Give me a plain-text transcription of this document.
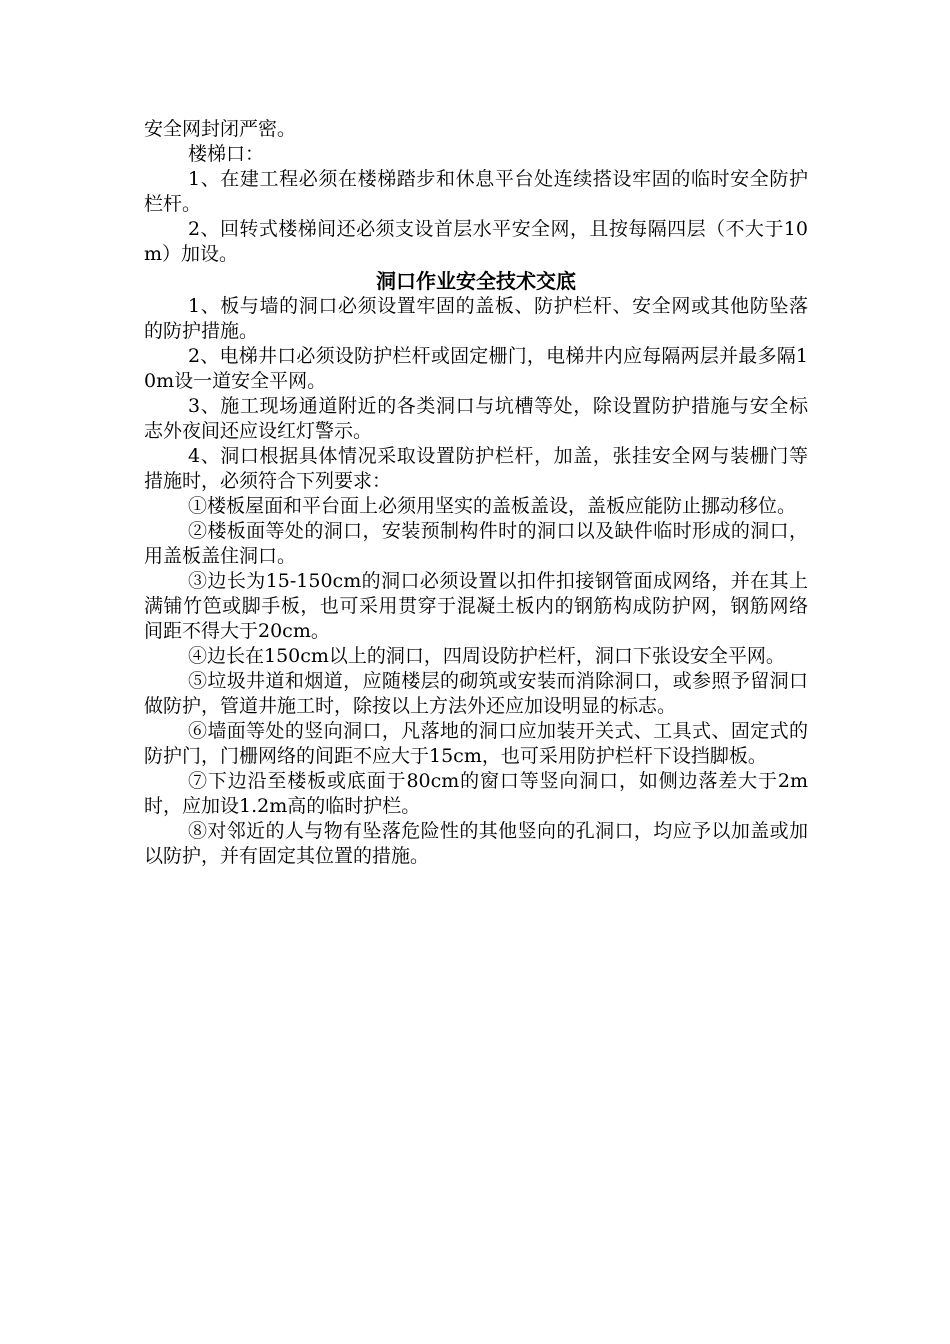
安全网封闭严密。

楼梯口：

1、在建工程必须在楼梯踏步和休息平台处连续搭设牢固的临时安全防护栏杆。

2、回转式楼梯间还必须支设首层水平安全网，且按每隔四层（不大于10m）加设。

洞口作业安全技术交底

1、板与墙的洞口必须设置牢固的盖板、防护栏杆、安全网或其他防坠落的防护措施。

2、电梯井口必须设防护栏杆或固定栅门，电梯井内应每隔两层并最多隔10m设一道安全平网。

3、施工现场通道附近的各类洞口与坑槽等处，除设置防护措施与安全标志外夜间还应设红灯警示。

4、洞口根据具体情况采取设置防护栏杆，加盖，张挂安全网与装栅门等措施时，必须符合下列要求：

①楼板屋面和平台面上必须用坚实的盖板盖设，盖板应能防止挪动移位。

②楼板面等处的洞口，安装预制构件时的洞口以及缺件临时形成的洞口，用盖板盖住洞口。

③边长为15-150cm的洞口必须设置以扣件扣接钢管面成网络，并在其上满铺竹笆或脚手板，也可采用贯穿于混凝土板内的钢筋构成防护网，钢筋网络间距不得大于20cm。

④边长在150cm以上的洞口，四周设防护栏杆，洞口下张设安全平网。

⑤垃圾井道和烟道，应随楼层的砌筑或安装而消除洞口，或参照予留洞口做防护，管道井施工时，除按以上方法外还应加设明显的标志。

⑥墙面等处的竖向洞口，凡落地的洞口应加装开关式、工具式、固定式的防护门，门栅网络的间距不应大于15cm，也可采用防护栏杆下设挡脚板。

⑦下边沿至楼板或底面于80cm的窗口等竖向洞口，如侧边落差大于2m时，应加设1.2m高的临时护栏。

⑧对邻近的人与物有坠落危险性的其他竖向的孔洞口，均应予以加盖或加以防护，并有固定其位置的措施。
